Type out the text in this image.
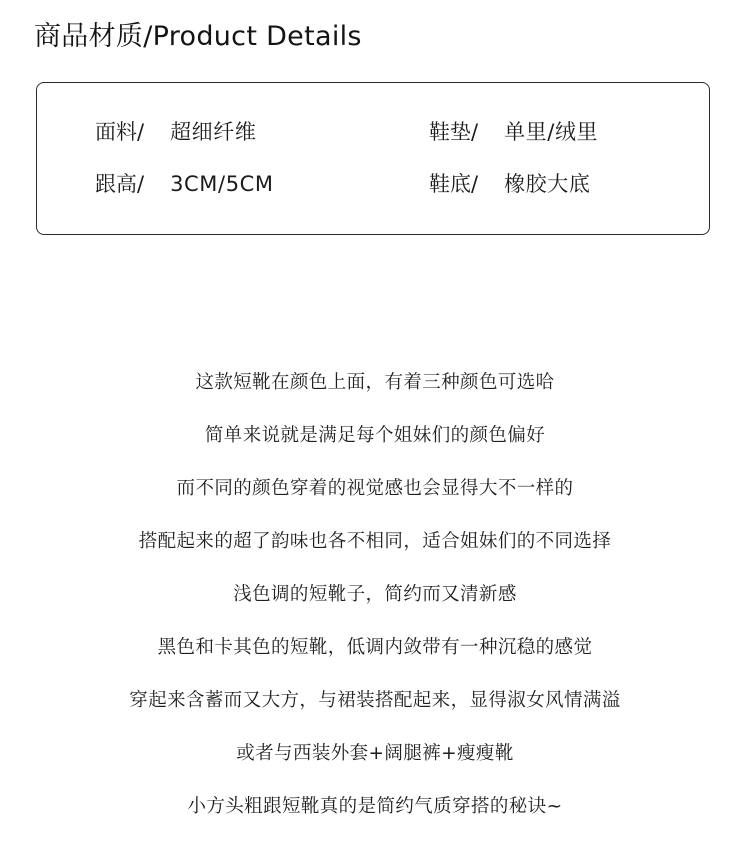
商品材质/Product Details
面料/ 超细纤维	鞋垫/ 单里/绒里
跟高/ 3CM/5CM	鞋底/ 橡胶大底
这款短靴在颜色上面，有着三种颜色可选哈
简单来说就是满足每个姐妹们的颜色偏好
而不同的颜色穿着的视觉感也会显得大不一样的
搭配起来的超了韵味也各不相同，适合姐妹们的不同选择
浅色调的短靴子，简约而又清新感
黑色和卡其色的短靴，低调内敛带有一种沉稳的感觉
穿起来含蓄而又大方，与裙装搭配起来，显得淑女风情满溢
或者与西装外套+阔腿裤+瘦瘦靴
小方头粗跟短靴真的是简约气质穿搭的秘诀~
